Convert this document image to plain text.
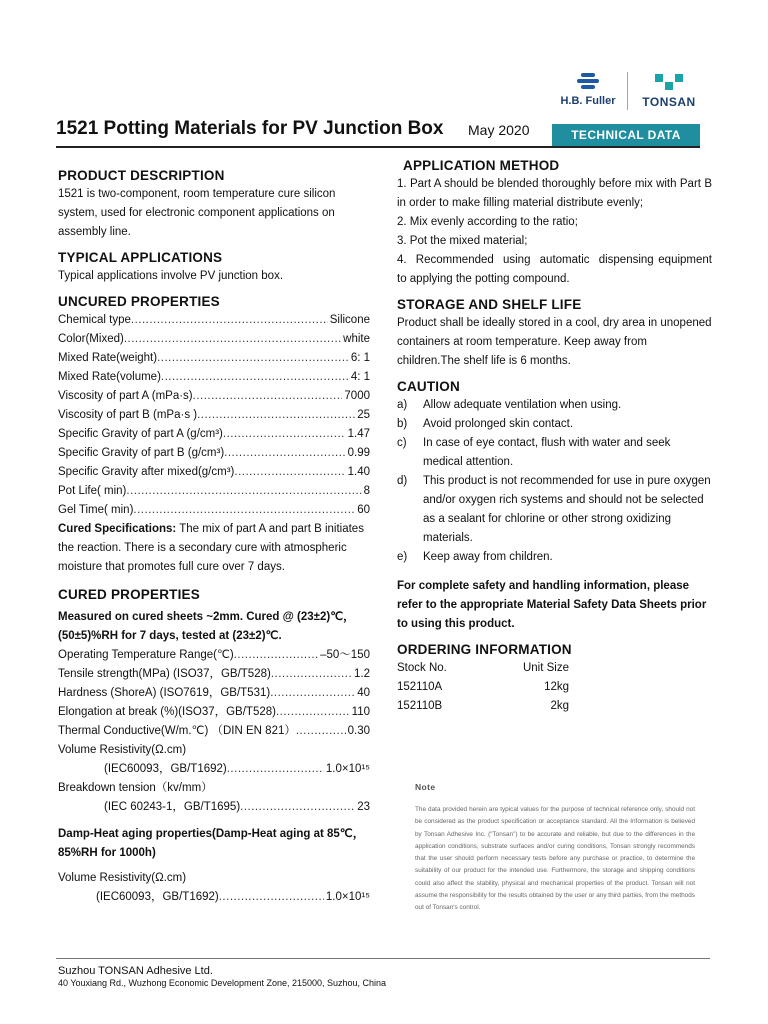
H.B. Fuller	TONSAN
1521 Potting Materials for PV Junction Box May 2020	TECHNICAL DATA SHEET
PRODUCT DESCRIPTION

1521 is two-component, room temperature cure silicon system, used for electronic component applications on assembly line.

TYPICAL APPLICATIONS

Typical applications involve PV junction box.

UNCURED PROPERTIES
Chemical type .....	Silicone
Color(Mixed) .....	white
Mixed Rate(weight) .....	6: 1
Mixed Rate(volume) .....	4: 1
Viscosity of part A (mPa·s) .....	7000
Viscosity of part B (mPa·s ) .....	25
Specific Gravity of part A (g/cm³) .....	1.47
Specific Gravity of part B (g/cm³) .....	0.99
Specific Gravity after mixed(g/cm³) .....	1.40
Pot Life( min) .....	8
Gel Time( min) .....	60

Cured Specifications: The mix of part A and part B initiates the reaction. There is a secondary cure with atmospheric moisture that promotes full cure over 7 days.

CURED PROPERTIES

Measured on cured sheets ~2mm. Cured @ (23±2)℃，(50±5)%RH for 7 days, tested at (23±2)℃.

Operating Temperature Range(℃) .....	–50～150
Tensile strength(MPa) (ISO37，GB/T528) .....	1.2
Hardness (ShoreA) (ISO7619，GB/T531) .....	40
Elongation at break (%)(ISO37，GB/T528) .....	110
Thermal Conductive(W/m.℃) （DIN EN 821） .....	0.30
Volume Resistivity(Ω.cm)
(IEC60093，GB/T1692) .....	1.0×10¹⁵
Breakdown tension（kv/mm）
(IEC 60243-1，GB/T1695) .....	23

Damp-Heat aging properties(Damp-Heat aging at 85℃，85%RH for 1000h)

Volume Resistivity(Ω.cm)
(IEC60093，GB/T1692) .....	1.0×10¹⁵
APPLICATION METHOD

1. Part A should be blended thoroughly before mix with Part B in order to make filling material distribute evenly;

2. Mix evenly according to the ratio;

3. Pot the mixed material;

4.  Recommended  using  automatic  dispensing equipment to applying the potting compound.

STORAGE AND SHELF LIFE

Product shall be ideally stored in a cool, dry area in unopened containers at room temperature. Keep away from children.The shelf life is 6 months.

CAUTION
a)	Allow adequate ventilation when using.
b)	Avoid prolonged skin contact.
c)	In case of eye contact, flush with water and seek medical attention.
d)	This product is not recommended for use in pure oxygen and/or oxygen rich systems and should not be selected as a sealant for chlorine or other strong oxidizing materials.
e)	Keep away from children.

For complete safety and handling information, please refer to the appropriate Material Safety Data Sheets prior to using this product.

ORDERING INFORMATION
Stock No.	Unit Size
152110A	12kg
152110B	2kg
Note
The data provided herein are typical values for the purpose of technical reference only, should not be considered as the product specification or acceptance standard. All the Information is believed by Tonsan Adhesive Inc. ("Tonsan") to be accurate and reliable, but due to the differences in the application conditions, substrate surfaces and/or curing conditions, Tonsan strongly recommends that the user should perform necessary tests before any purchase or practice, to determine the suitability of our product for the intended use. Furthermore, the storage and shipping conditions could also affect the stability, physical and mechanical properties of the product. Tonsan will not assume the responsibility for the results obtained by the user or any third parties, from the methods out of Tonsan's control.
Suzhou TONSAN Adhesive Ltd.
40 Youxiang Rd., Wuzhong Economic Development Zone, 215000, Suzhou, China
